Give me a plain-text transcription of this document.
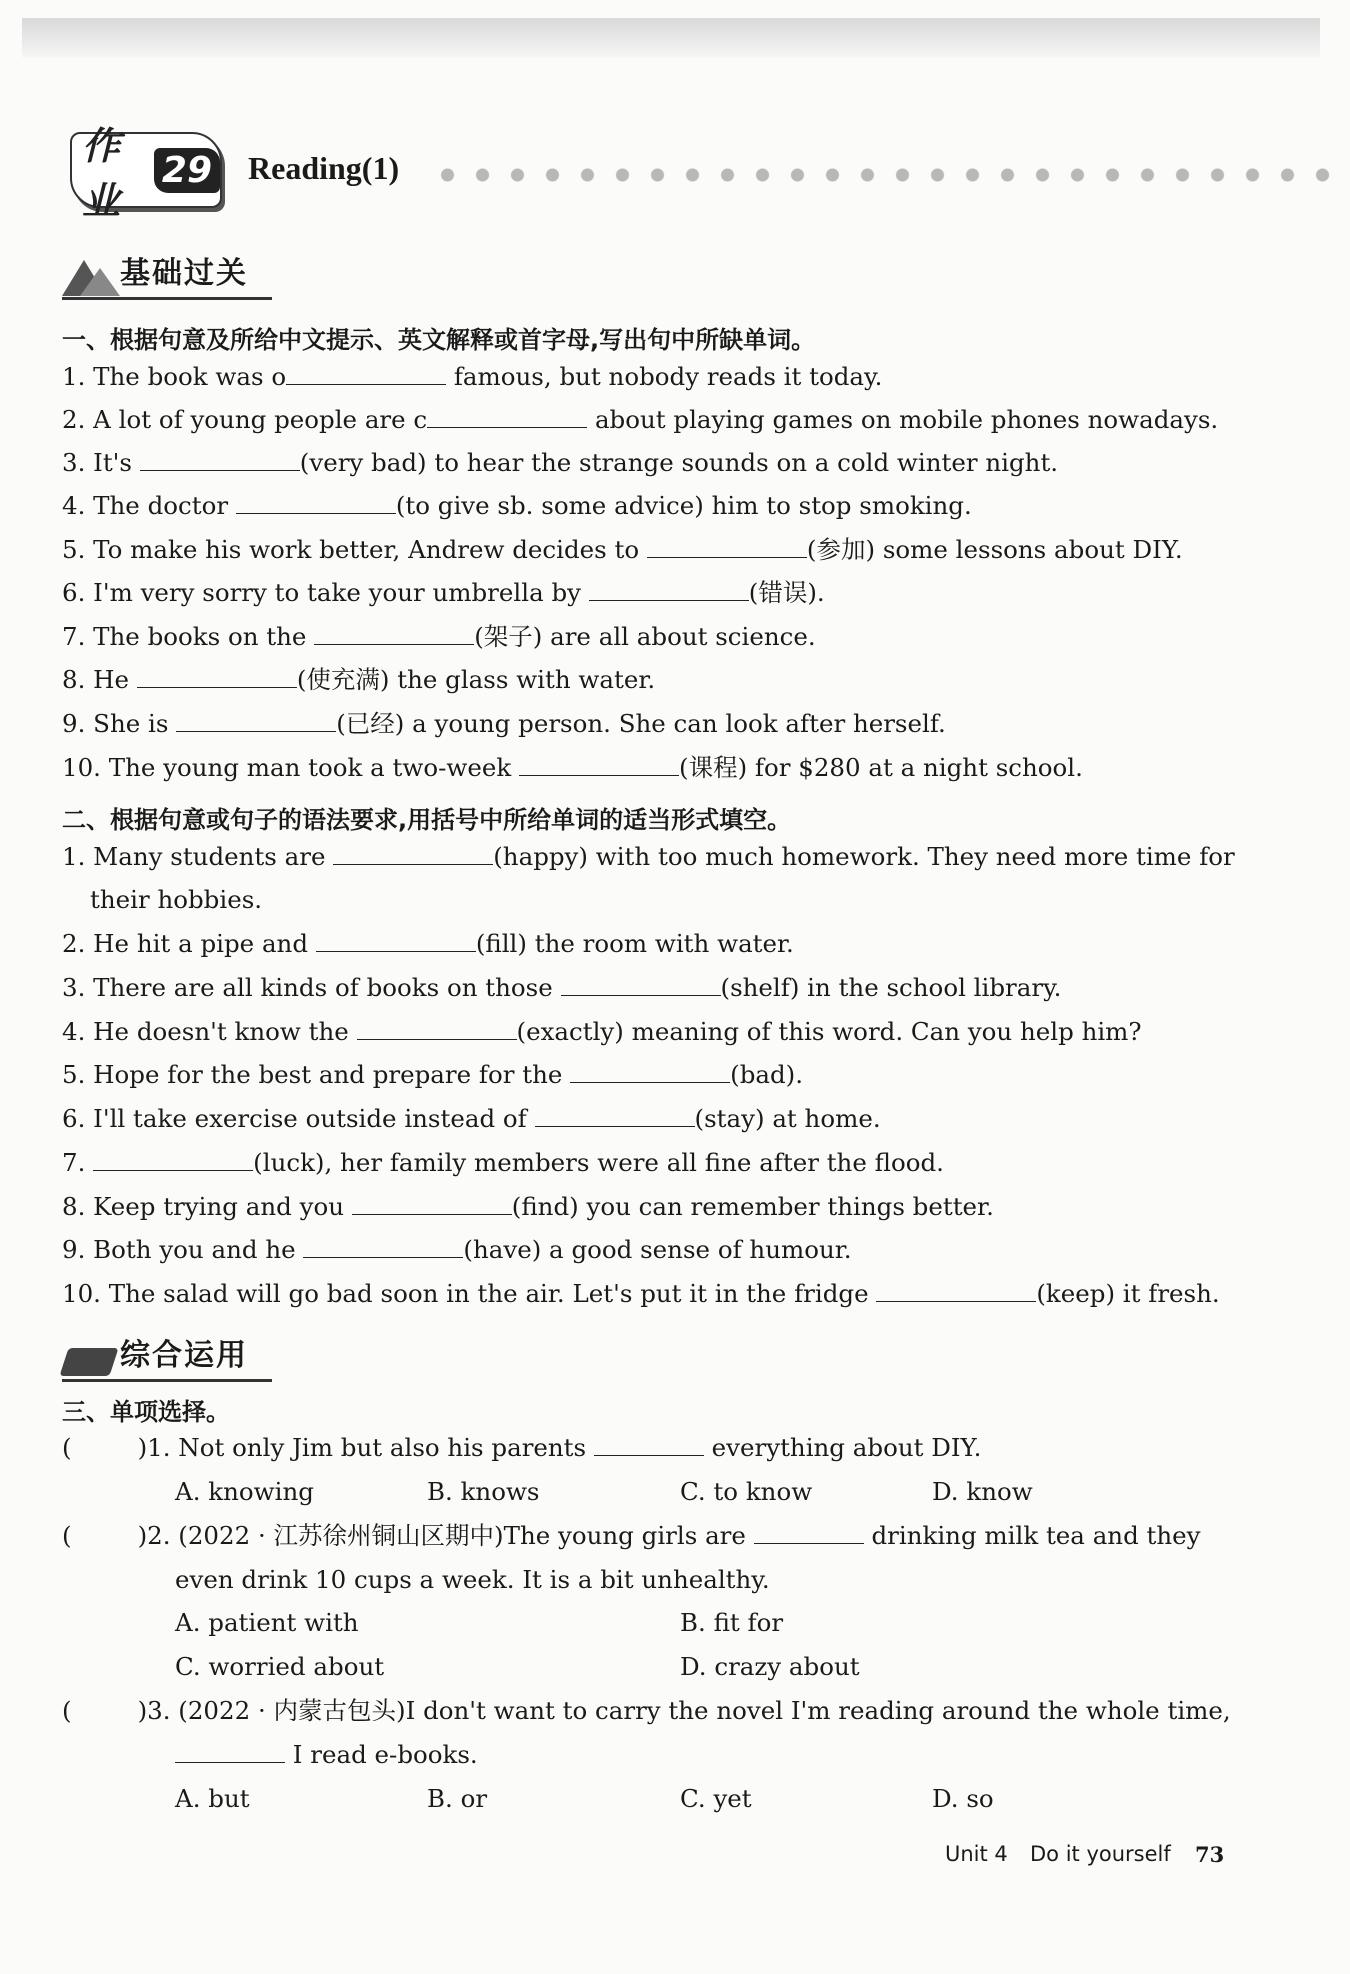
作业
29 Reading(1)
基础过关
一、根据句意及所给中文提示、英文解释或首字母,写出句中所缺单词。
1. The book was o	famous, but nobody reads it today.
2. A lot of young people are c	about playing games on mobile phones nowadays.
3. It's	(very bad) to hear the strange sounds on a cold winter night.
4. The doctor	(to give sb. some advice) him to stop smoking.
5. To make his work better, Andrew decides to	(参加) some lessons about DIY.
6. I'm very sorry to take your umbrella by	(错误).
7. The books on the	(架子) are all about science.
8. He	(使充满) the glass with water.
9. She is	(已经) a young person. She can look after herself.
10. The young man took a two-week	(课程) for $280 at a night school.
二、根据句意或句子的语法要求,用括号中所给单词的适当形式填空。
1. Many students are	(happy) with too much homework. They need more time for
their hobbies.
2. He hit a pipe and	(fill) the room with water.
3. There are all kinds of books on those	(shelf) in the school library.
4. He doesn't know the	(exactly) meaning of this word. Can you help him?
5. Hope for the best and prepare for the	(bad).
6. I'll take exercise outside instead of	(stay) at home.
7.	(luck), her family members were all fine after the flood.
8. Keep trying and you	(find) you can remember things better.
9. Both you and he	(have) a good sense of humour.
10. The salad will go bad soon in the air. Let's put it in the fridge	(keep) it fresh.
综合运用
三、单项选择。
(	)1. Not only Jim but also his parents	everything about DIY.
A. knowing	B. knows	C. to know	D. know
(	)2. (2022 · 江苏徐州铜山区期中)The young girls are	drinking milk tea and they
even drink 10 cups a week. It is a bit unhealthy.
A. patient with	B. fit for
C. worried about	D. crazy about
(	)3. (2022 · 内蒙古包头)I don't want to carry the novel I'm reading around the whole time,
I read e-books.
A. but	B. or	C. yet	D. so
Unit 4 Do it yourself 73
